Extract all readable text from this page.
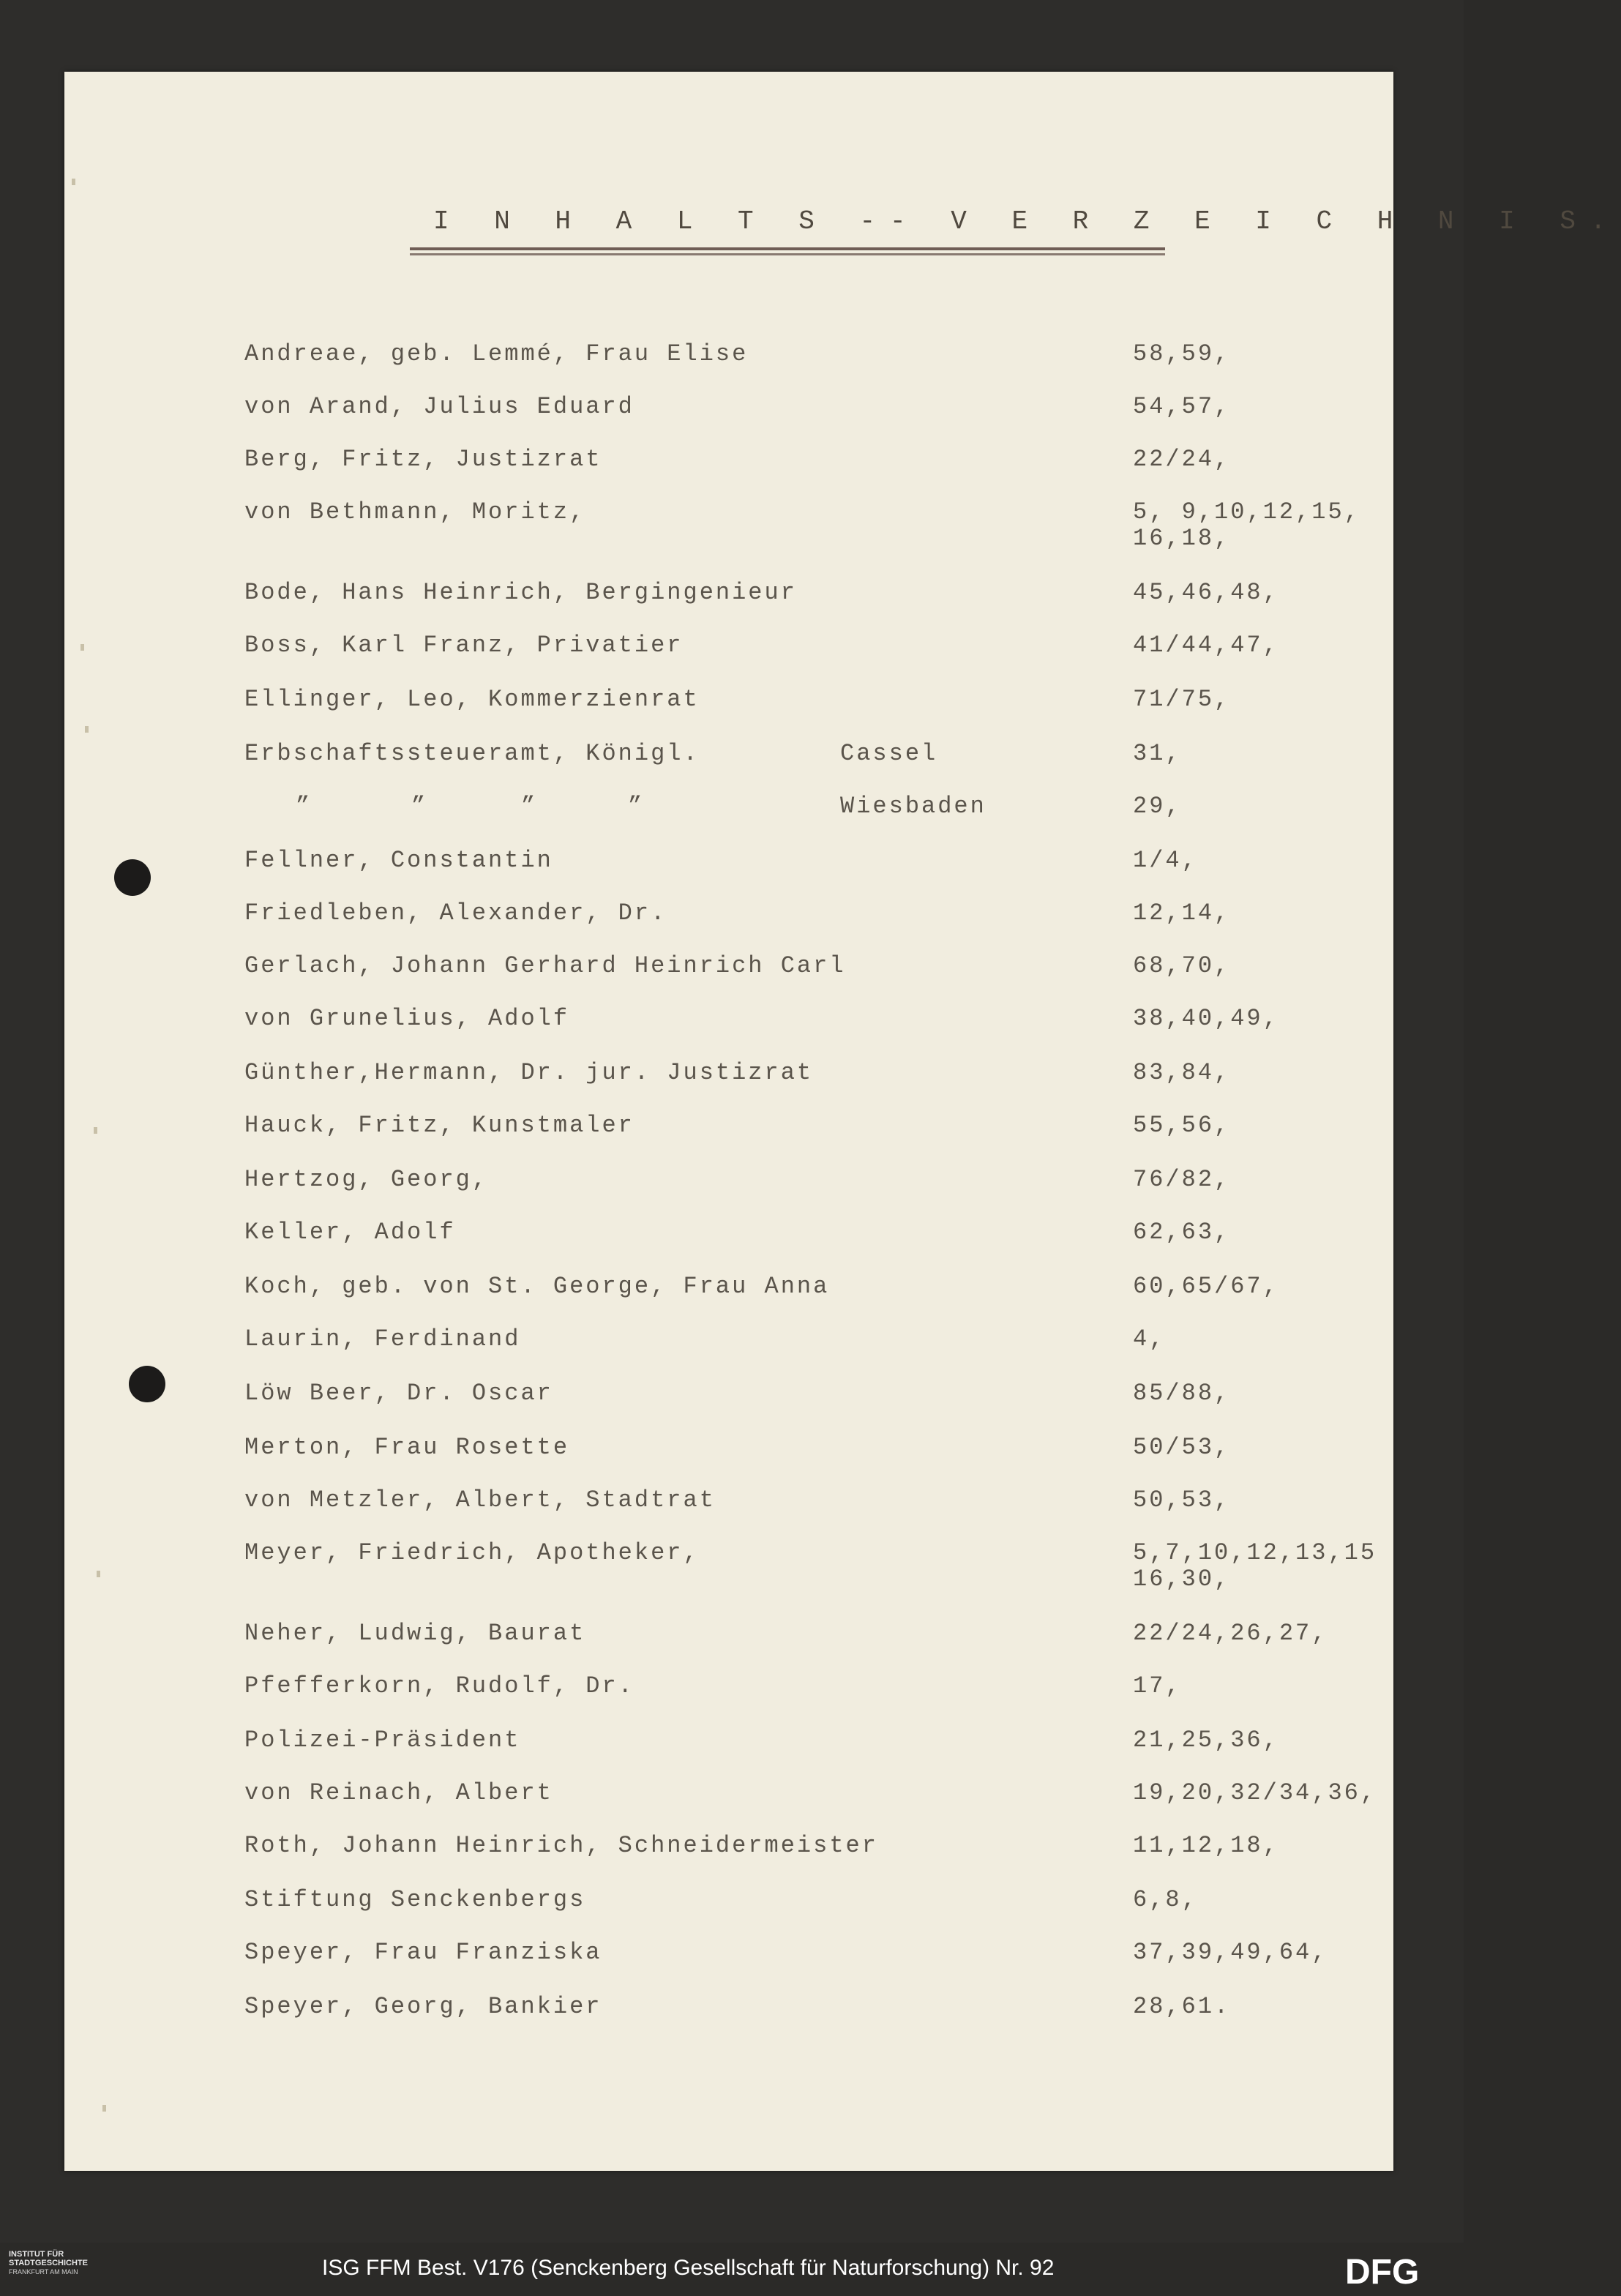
I N H A L T S -- V E R Z E I C H N I S.
Andreae, geb. Lemmé, Frau Elise	58,59,
von Arand, Julius Eduard	54,57,
Berg, Fritz, Justizrat	22/24,
von Bethmann, Moritz,	5, 9,10,12,15,
16,18,
Bode, Hans Heinrich, Bergingenieur	45,46,48,
Boss, Karl Franz, Privatier	41/44,47,
Ellinger, Leo, Kommerzienrat	71/75,
Erbschaftssteueramt, Königl.	Cassel	31,
”	”	”	”	Wiesbaden	29,
Fellner, Constantin	1/4,
Friedleben, Alexander, Dr.	12,14,
Gerlach, Johann Gerhard Heinrich Carl	68,70,
von Grunelius, Adolf	38,40,49,
Günther,Hermann, Dr. jur. Justizrat	83,84,
Hauck, Fritz, Kunstmaler	55,56,
Hertzog, Georg,	76/82,
Keller, Adolf	62,63,
Koch, geb. von St. George, Frau Anna	60,65/67,
Laurin, Ferdinand	4,
Löw Beer, Dr. Oscar	85/88,
Merton, Frau Rosette	50/53,
von Metzler, Albert, Stadtrat	50,53,
Meyer, Friedrich, Apotheker,	5,7,10,12,13,15
16,30,
Neher, Ludwig, Baurat	22/24,26,27,
Pfefferkorn, Rudolf, Dr.	17,
Polizei-Präsident	21,25,36,
von Reinach, Albert	19,20,32/34,36,
Roth, Johann Heinrich, Schneidermeister	11,12,18,
Stiftung Senckenbergs	6,8,
Speyer, Frau Franziska	37,39,49,64,
Speyer, Georg, Bankier	28,61.
INSTITUT FÜR
STADTGESCHICHTE
FRANKFURT AM MAIN	ISG FFM Best. V176 (Senckenberg Gesellschaft für Naturforschung) Nr. 92	DFG
